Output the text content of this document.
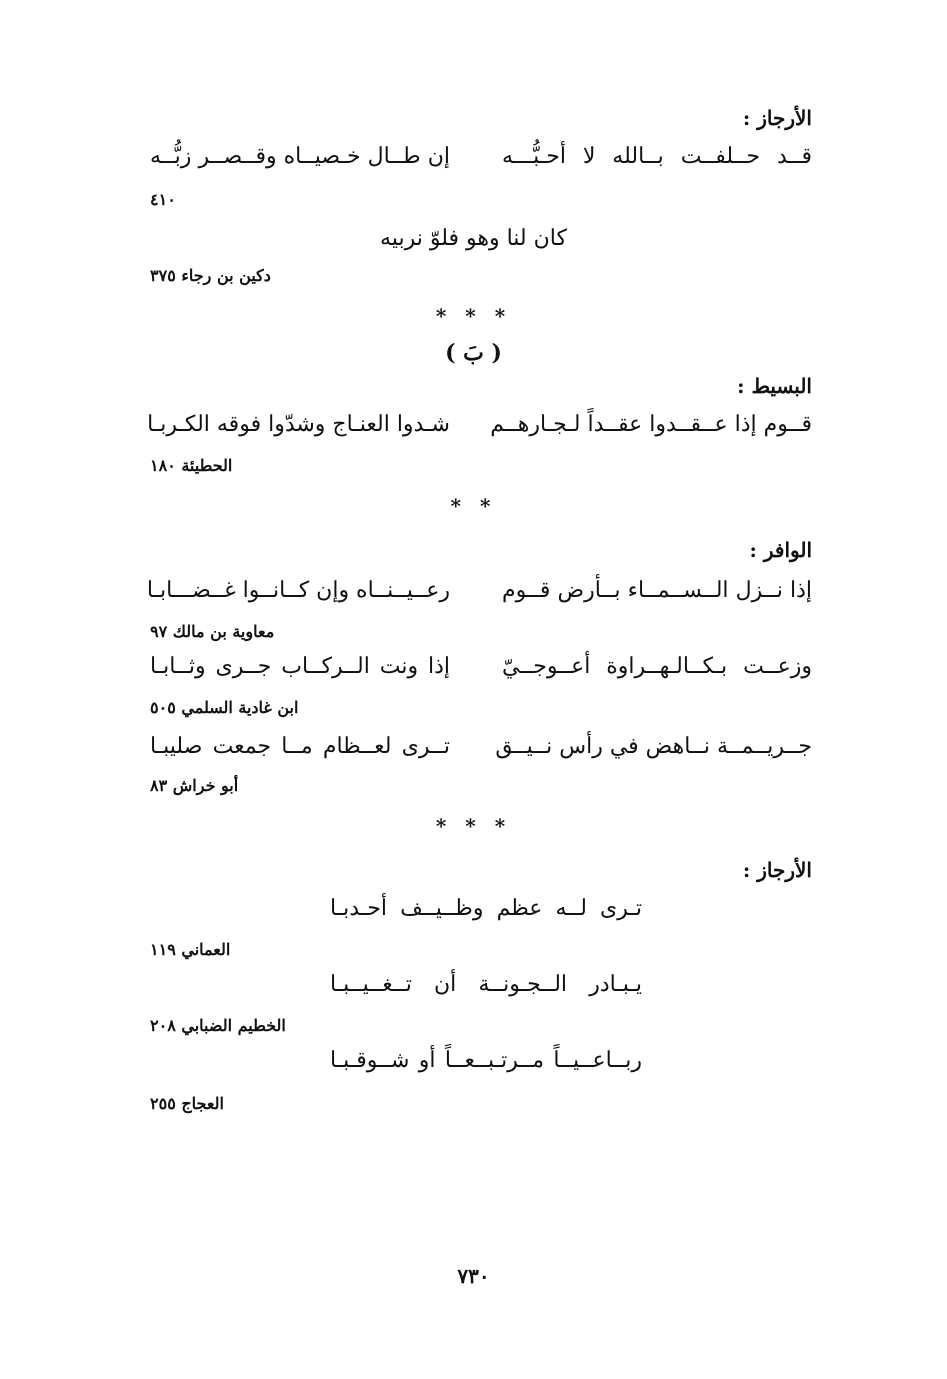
الأرجاز :
قــد حــلفــت بــالله لا أحـبُّـــه
إن طــال خـصيــاه وقــصــر زبُّــه
٤١٠
كان لنا وهو فلوّ نربيه
دكين بن رجاء ٣٧٥
* * *
( بَ )
البسيط :
قــوم إذا عــقــدوا عقــداً لـجـارهــم
شـدوا العنـاج وشدّوا فوقه الكـربـا
الحطيئة ١٨٠
* *
الوافر :
إذا نــزل الــســمــاء بــأرض قــوم
رعــيــنــاه وإن كــانــوا غــضـــابـا
معاوية بن مالك ٩٧
وزعــت بـكــالـهــراوة أعــوجــيّ
إذا ونت الــركــاب جــرى وثــابـا
ابن غادية السلمي ٥٠٥
جــريــمــة نــاهض في رأس نــيــق
تــرى لعــظام مــا جمعت صليبـا
أبو خراش ٨٣
* * *
الأرجاز :
تـرى لــه عظم وظــيــف أحـدبـا
العماني ١١٩
يـبـادر الــجـونــة أن تــغــيــبـا
الخطيم الضبابي ٢٠٨
ربــاعــيــاً مــرتـبــعــاً أو شــوقـبـا
العجاج ٢٥٥
٧٣٠
